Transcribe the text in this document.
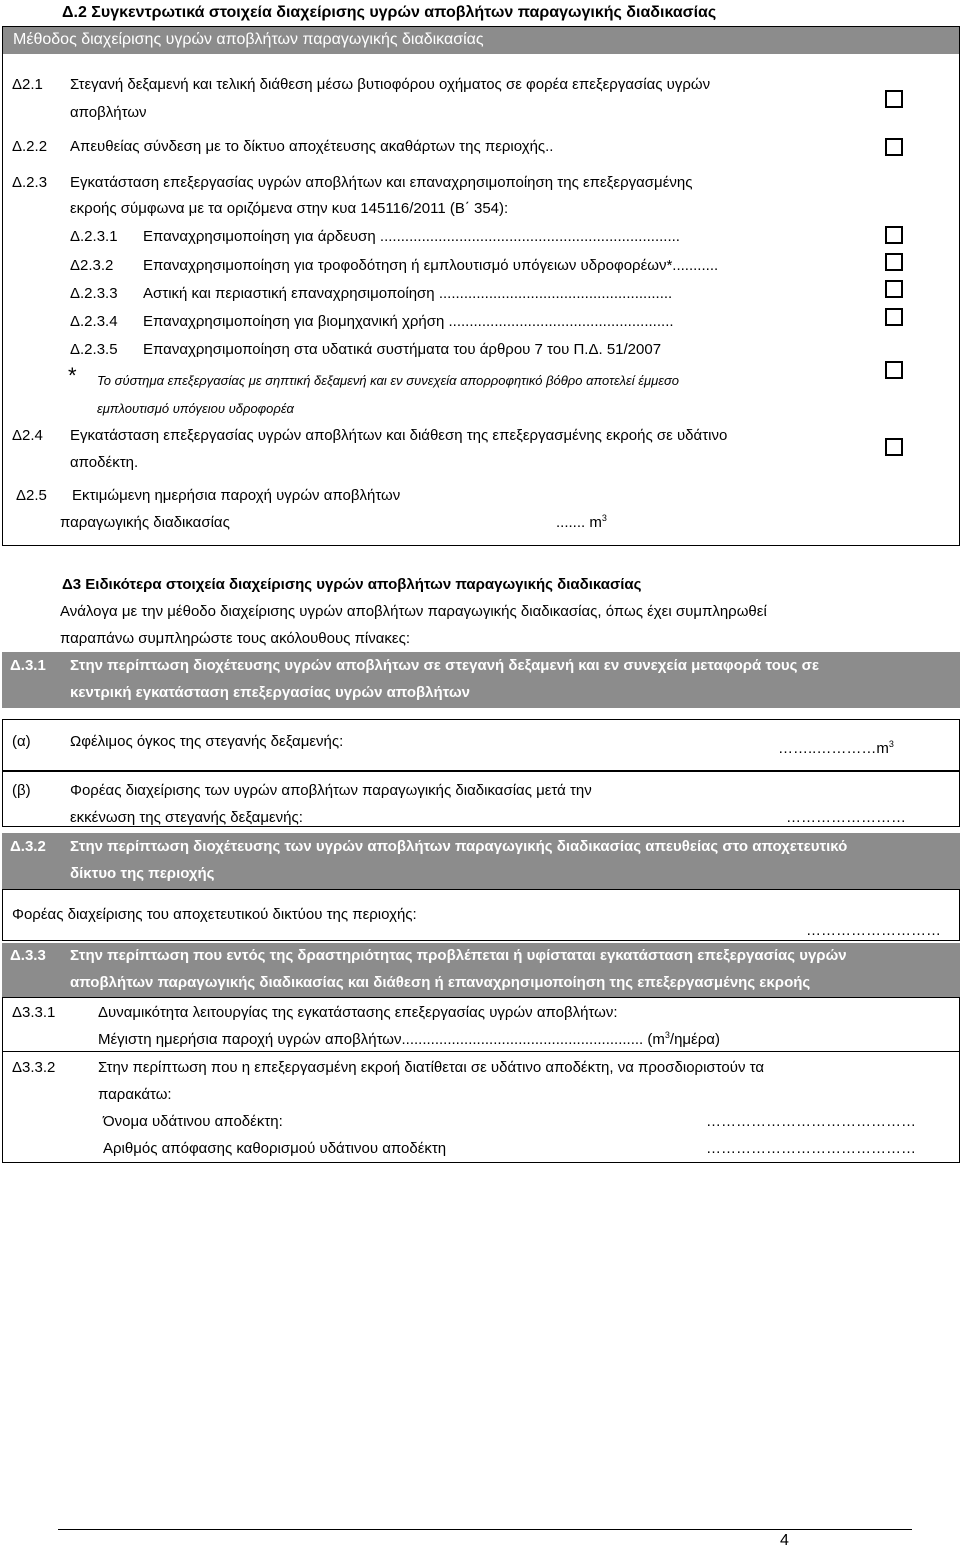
Δ.2 Συγκεντρωτικά στοιχεία διαχείρισης υγρών αποβλήτων παραγωγικής διαδικασίας
Μέθοδος διαχείρισης υγρών αποβλήτων παραγωγικής διαδικασίας
Δ2.1 Στεγανή δεξαμενή και τελική διάθεση μέσω βυτιοφόρου οχήματος σε φορέα επεξεργασίας υγρών
αποβλήτων
Δ.2.2 Απευθείας σύνδεση με το δίκτυο αποχέτευσης ακαθάρτων της περιοχής..
Δ.2.3 Εγκατάσταση επεξεργασίας υγρών αποβλήτων και επαναχρησιμοποίηση της επεξεργασμένης
εκροής σύμφωνα με τα οριζόμενα στην κυα 145116/2011 (Β΄ 354):
Δ.2.3.1 Επαναχρησιμοποίηση για άρδευση ........................................................................
Δ2.3.2 Επαναχρησιμοποίηση για τροφοδότηση ή εμπλουτισμό υπόγειων υδροφορέων*...........
Δ.2.3.3 Αστική και περιαστική επαναχρησιμοποίηση ........................................................
Δ.2.3.4 Επαναχρησιμοποίηση για βιομηχανική χρήση ......................................................
Δ.2.3.5 Επαναχρησιμοποίηση στα υδατικά συστήματα του άρθρου 7 του Π.Δ. 51/2007
* Το σύστημα επεξεργασίας με σηπτική δεξαμενή και εν συνεχεία απορροφητικό βόθρο αποτελεί έμμεσο
εμπλουτισμό υπόγειου υδροφορέα
Δ2.4 Εγκατάσταση επεξεργασίας υγρών αποβλήτων και διάθεση της επεξεργασμένης εκροής σε υδάτινο
αποδέκτη.
Δ2.5 Εκτιμώμενη ημερήσια παροχή υγρών αποβλήτων
παραγωγικής διαδικασίας	....... $m^3$
Δ3 Ειδικότερα στοιχεία διαχείρισης υγρών αποβλήτων παραγωγικής διαδικασίας
Ανάλογα με την μέθοδο διαχείρισης υγρών αποβλήτων παραγωγικής διαδικασίας, όπως έχει συμπληρωθεί
παραπάνω συμπληρώστε τους ακόλουθους πίνακες:
Δ.3.1 Στην περίπτωση διοχέτευσης υγρών αποβλήτων σε στεγανή δεξαμενή και εν συνεχεία μεταφορά τους σε
κεντρική εγκατάσταση επεξεργασίας υγρών αποβλήτων
(α)	Ωφέλιμος όγκος της στεγανής δεξαμενής:	$\dots\dots..\dots\dots\dots\dots m^3$
(β)	Φορέας διαχείρισης των υγρών αποβλήτων παραγωγικής διαδικασίας μετά την
εκκένωση της στεγανής δεξαμενής:	……………………
Δ.3.2 Στην περίπτωση διοχέτευσης των υγρών αποβλήτων παραγωγικής διαδικασίας απευθείας στο αποχετευτικό
δίκτυο της περιοχής
Φορέας διαχείρισης του αποχετευτικού δικτύου της περιοχής:
………………………
Δ.3.3 Στην περίπτωση που εντός της δραστηριότητας προβλέπεται ή υφίσταται εγκατάσταση επεξεργασίας υγρών
αποβλήτων παραγωγικής διαδικασίας και διάθεση ή επαναχρησιμοποίηση της επεξεργασμένης εκροής
Δ3.3.1	Δυναμικότητα λειτουργίας της εγκατάστασης επεξεργασίας υγρών αποβλήτων:
Μέγιστη ημερήσια παροχή υγρών αποβλήτων.......................................................... $(m^3/\eta\mu έ\rho\alpha)$
Δ3.3.2	Στην περίπτωση που η επεξεργασμένη εκροή διατίθεται σε υδάτινο αποδέκτη, να προσδιοριστούν τα
παρακάτω:
Όνομα υδάτινου αποδέκτη:	……………………………………
Αριθμός απόφασης καθορισμού υδάτινου αποδέκτη	……………………………………
4
